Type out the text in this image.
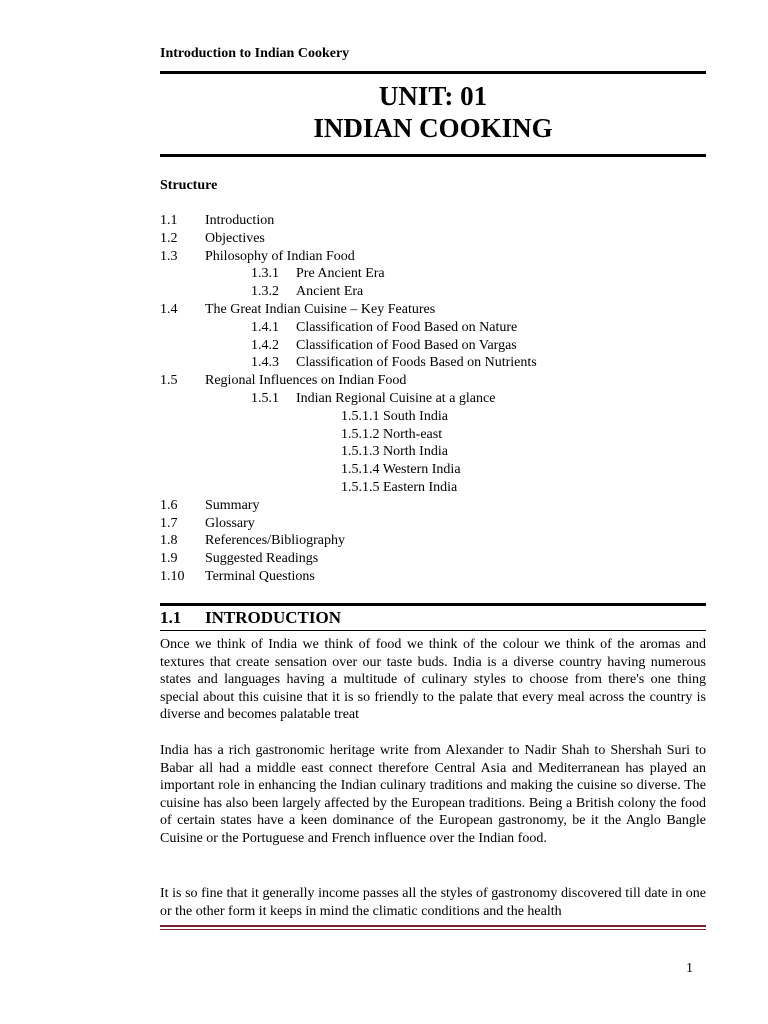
Introduction to Indian Cookery
UNIT: 01
INDIAN COOKING
Structure
1.1 Introduction
1.2 Objectives
1.3 Philosophy of Indian Food
1.3.1 Pre Ancient Era
1.3.2 Ancient Era
1.4 The Great Indian Cuisine – Key Features
1.4.1 Classification of Food Based on Nature
1.4.2 Classification of Food Based on Vargas
1.4.3 Classification of Foods Based on Nutrients
1.5 Regional Influences on Indian Food
1.5.1 Indian Regional Cuisine at a glance
1.5.1.1 South India
1.5.1.2 North-east
1.5.1.3 North India
1.5.1.4 Western India
1.5.1.5 Eastern India
1.6 Summary
1.7 Glossary
1.8 References/Bibliography
1.9 Suggested Readings
1.10 Terminal Questions
1.1 INTRODUCTION
Once we think of India we think of food we think of the colour we think of the aromas and textures that create sensation over our taste buds. India is a diverse country having numerous states and languages having a multitude of culinary styles to choose from there's one thing special about this cuisine that it is so friendly to the palate that every meal across the country is diverse and becomes palatable treat
India has a rich gastronomic heritage write from Alexander to Nadir Shah to Shershah Suri to Babar all had a middle east connect therefore Central Asia and Mediterranean has played an important role in enhancing the Indian culinary traditions and making the cuisine so diverse. The cuisine has also been largely affected by the European traditions. Being a British colony the food of certain states have a keen dominance of the European gastronomy, be it the Anglo Bangle Cuisine or the Portuguese and French influence over the Indian food.
It is so fine that it generally income passes all the styles of gastronomy discovered till date in one or the other form it keeps in mind the climatic conditions and the health
1
